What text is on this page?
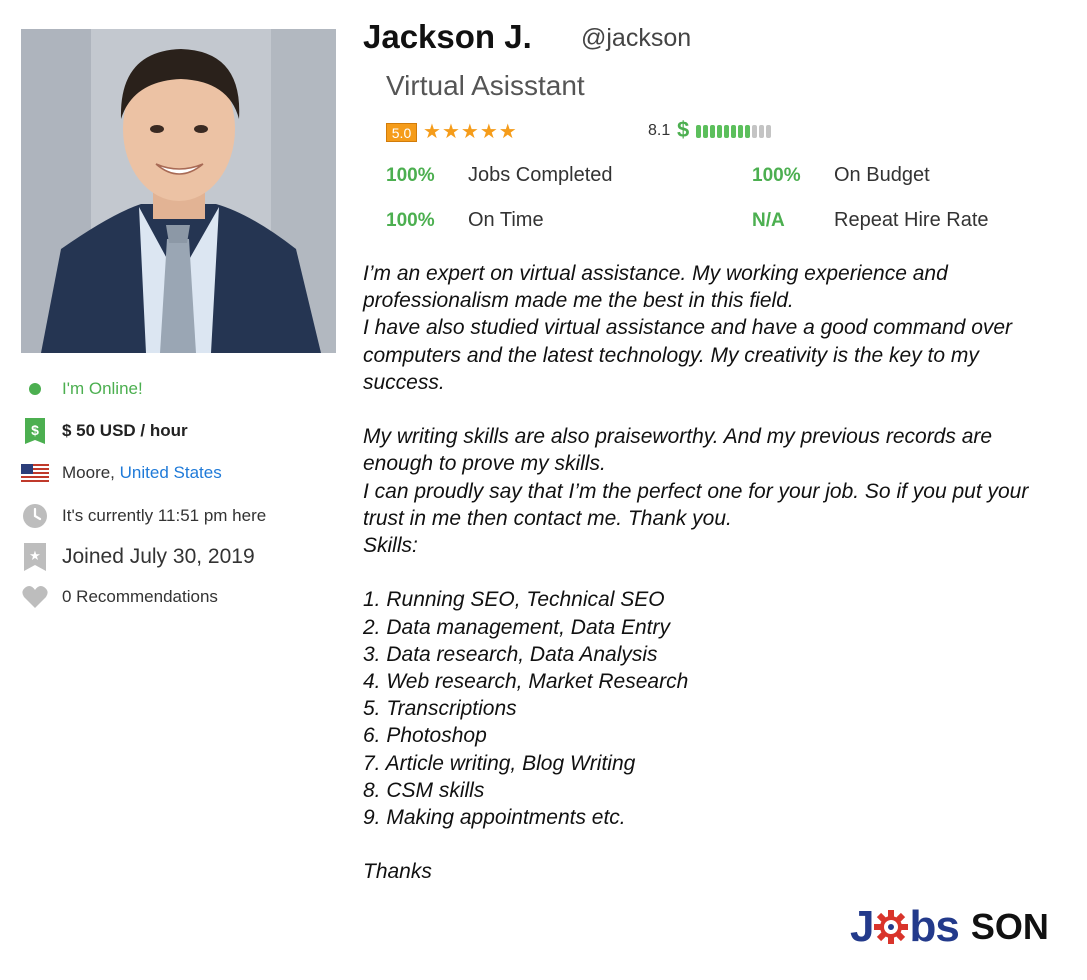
I'm Online!
$ $ 50 USD / hour
Moore, United States
It's currently 11:51 pm here
★ Joined July 30, 2019
0 Recommendations
Jackson J. @jackson
Virtual Asisstant
5.0 ★ ★ ★ ★ ★	8.1 $
100% Jobs Completed	100% On Budget
100% On Time	N/A Repeat Hire Rate

I’m an expert on virtual assistance. My working experience and professionalism made me the best in this field.
I have also studied virtual assistance and have a good command over computers and the latest technology. My creativity is the key to my success.

My writing skills are also praiseworthy. And my previous records are enough to prove my skills.
I can proudly say that I’m the perfect one for your job. So if you put your trust in me then contact me. Thank you.
Skills:

1. Running SEO, Technical SEO
2. Data management, Data Entry
3. Data research, Data Analysis
4. Web research, Market Research
5. Transcriptions
6. Photoshop
7. Article writing, Blog Writing
8. CSM skills
9. Making appointments etc.

Thanks

J bs SON
